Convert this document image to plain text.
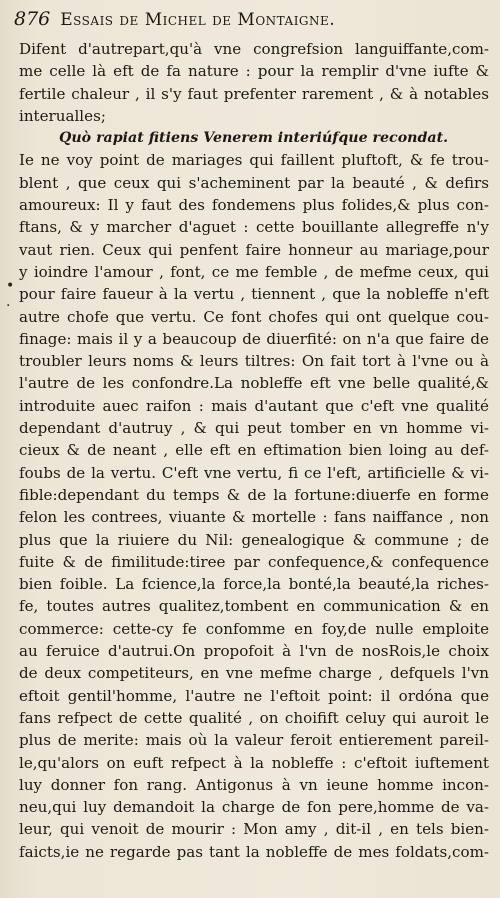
876 Essais de Michel de Montaigne.
•
·
Difent d'autrepart,qu'à vne congrefsion languiffante,com-
me celle là eft de fa nature : pour la remplir d'vne iufte &
fertile chaleur , il s'y faut prefenter rarement , & à notables
interualles;
Quò rapiat fitiens Venerem interiúfque recondat.
Ie ne voy point de mariages qui faillent pluftoft, & fe trou-
blent , que ceux qui s'acheminent par la beauté , & defirs
amoureux: Il y faut des fondemens plus folides,& plus con-
ftans, & y marcher d'aguet : cette bouillante allegreffe n'y
vaut rien. Ceux qui penfent faire honneur au mariage,pour
y ioindre l'amour , font, ce me femble , de mefme ceux, qui
pour faire faueur à la vertu , tiennent , que la nobleffe n'eft
autre chofe que vertu. Ce font chofes qui ont quelque cou-
finage: mais il y a beaucoup de diuerfité: on n'a que faire de
troubler leurs noms & leurs tiltres: On fait tort à l'vne ou à
l'autre de les confondre.La nobleffe eft vne belle qualité,&
introduite auec raifon : mais d'autant que c'eft vne qualité
dependant d'autruy , & qui peut tomber en vn homme vi-
cieux & de neant , elle eft en eftimation bien loing au def-
foubs de la vertu. C'eft vne vertu, fi ce l'eft, artificielle & vi-
fible:dependant du temps & de la fortune:diuerfe en forme
felon les contrees, viuante & mortelle : fans naiffance , non
plus que la riuiere du Nil: genealogique & commune ; de
fuite & de fimilitude:tiree par confequence,& confequence
bien foible. La fcience,la force,la bonté,la beauté,la riches-
fe, toutes autres qualitez,tombent en communication & en
commerce: cette-cy fe confomme en foy,de nulle emploite
au feruice d'autrui.On propofoit à l'vn de nosRois,le choix
de deux competiteurs, en vne mefme charge , defquels l'vn
eftoit gentil'homme, l'autre ne l'eftoit point: il ordóna que
fans refpect de cette qualité , on choifift celuy qui auroit le
plus de merite: mais où la valeur feroit entierement pareil-
le,qu'alors on euft refpect à la nobleffe : c'eftoit iuftement
luy donner fon rang. Antigonus à vn ieune homme incon-
neu,qui luy demandoit la charge de fon pere,homme de va-
leur, qui venoit de mourir : Mon amy , dit-il , en tels bien-
faicts,ie ne regarde pas tant la nobleffe de mes foldats,com-
